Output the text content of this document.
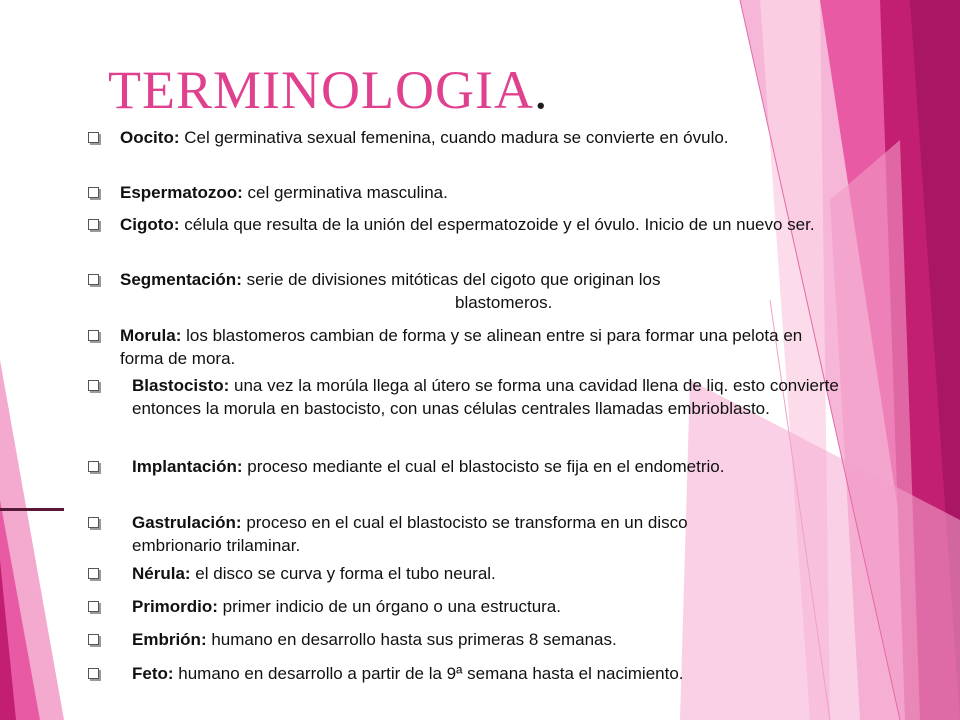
TERMINOLOGIA.
Oocito: Cel germinativa sexual femenina, cuando madura se convierte en óvulo.
Espermatozoo: cel germinativa masculina.
Cigoto: célula que resulta de la unión del espermatozoide y el óvulo. Inicio de un nuevo ser.
Segmentación: serie de divisiones mitóticas del cigoto que originan los
blastomeros.
Morula: los blastomeros cambian de forma y se alinean entre si para formar una pelota en forma de mora.
Blastocisto: una vez la morúla llega al útero se forma una cavidad llena de liq. esto convierte entonces la morula en bastocisto, con unas células centrales llamadas embrioblasto.
Implantación: proceso mediante el cual el blastocisto se fija en el endometrio.
Gastrulación: proceso en el cual el blastocisto se transforma en un disco embrionario trilaminar.
Nérula: el disco se curva y forma el tubo neural.
Primordio: primer indicio de un órgano o una estructura.
Embrión: humano en desarrollo hasta sus primeras 8 semanas.
Feto: humano en desarrollo a partir de la 9ª semana hasta el nacimiento.
